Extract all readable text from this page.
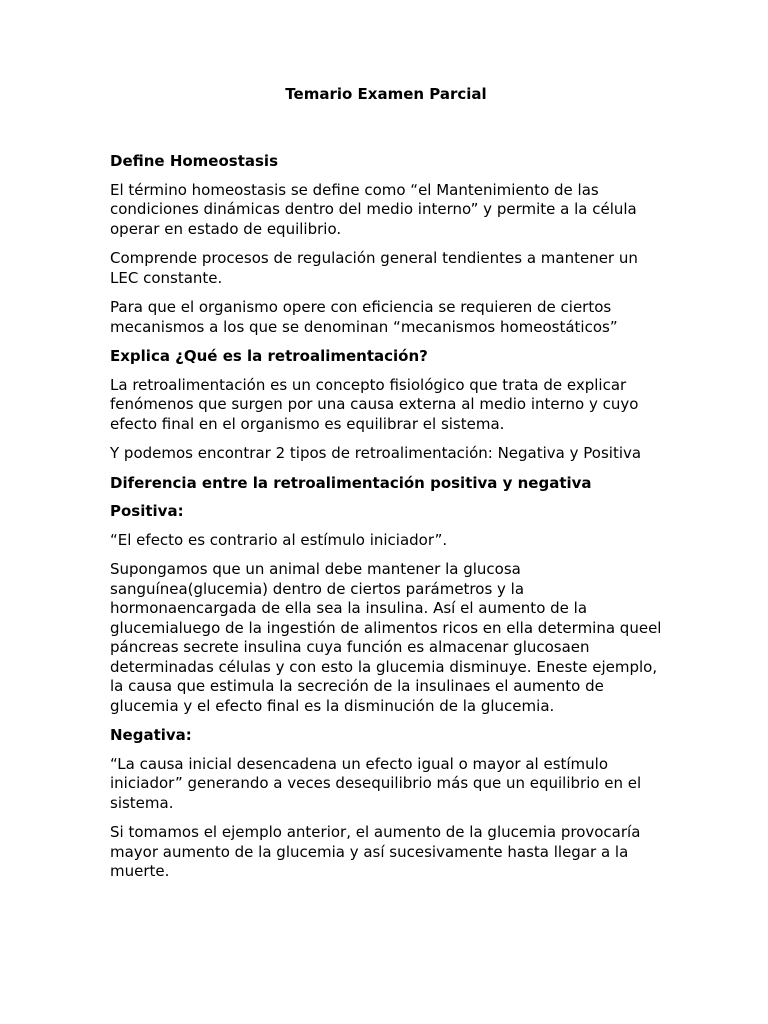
Temario Examen Parcial
Define Homeostasis
El término homeostasis se define como “el Mantenimiento de las condiciones dinámicas dentro del medio interno” y permite a la célula operar en estado de equilibrio.
Comprende procesos de regulación general tendientes a mantener un LEC constante.
Para que el organismo opere con eficiencia se requieren de ciertos mecanismos a los que se denominan “mecanismos homeostáticos”
Explica ¿Qué es la retroalimentación?
La retroalimentación es un concepto fisiológico que trata de explicar fenómenos que surgen por una causa externa al medio interno y cuyo efecto final en el organismo es equilibrar el sistema.
Y podemos encontrar 2 tipos de retroalimentación: Negativa y Positiva
Diferencia entre la retroalimentación positiva y negativa
Positiva:
“El efecto es contrario al estímulo iniciador”.
Supongamos que un animal debe mantener la glucosa sanguínea(glucemia) dentro de ciertos parámetros y la hormonaencargada de ella sea la insulina. Así el aumento de la glucemialuego de la ingestión de alimentos ricos en ella determina queel páncreas secrete insulina cuya función es almacenar glucosaen determinadas células y con esto la glucemia disminuye. Eneste ejemplo, la causa que estimula la secreción de la insulinaes el aumento de glucemia y el efecto final es la disminución de la glucemia.
Negativa:
“La causa inicial desencadena un efecto igual o mayor al estímulo iniciador” generando a veces desequilibrio más que un equilibrio en el sistema.
Si tomamos el ejemplo anterior, el aumento de la glucemia provocaría mayor aumento de la glucemia y así sucesivamente hasta llegar a la muerte.
